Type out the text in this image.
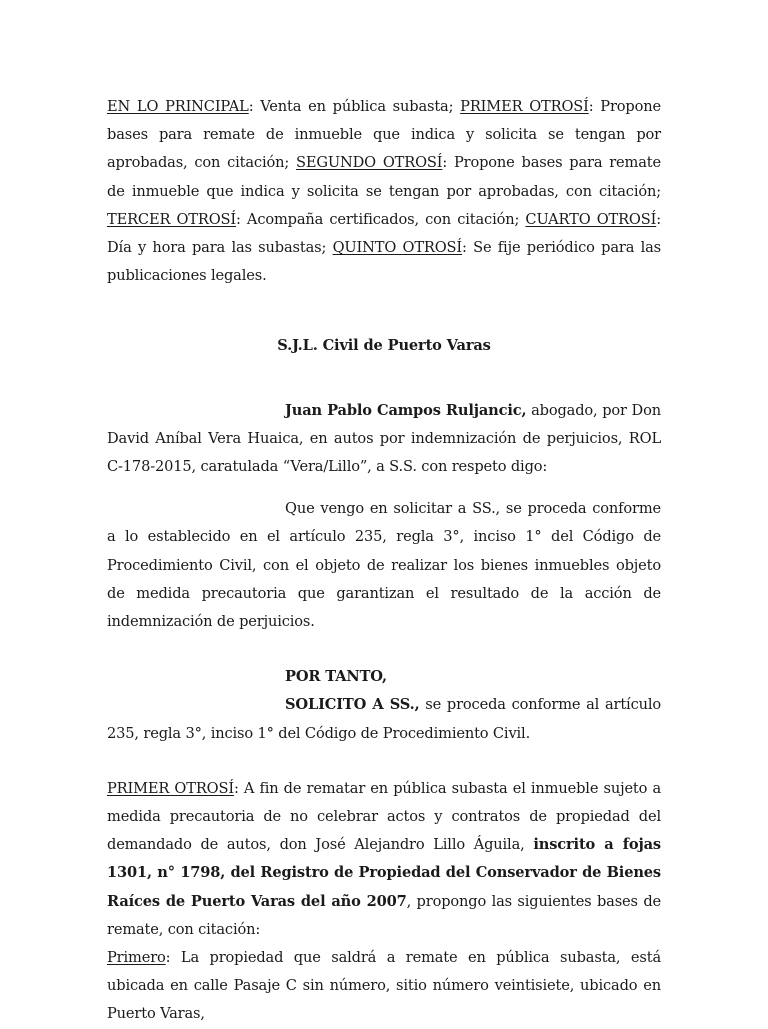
EN LO PRINCIPAL: Venta en pública subasta; PRIMER OTROSÍ: Propone bases para remate de inmueble que indica y solicita se tengan por aprobadas, con citación; SEGUNDO OTROSÍ: Propone bases para remate de inmueble que indica y solicita se tengan por aprobadas, con citación; TERCER OTROSÍ: Acompaña certificados, con citación; CUARTO OTROSÍ: Día y hora para las subastas; QUINTO OTROSÍ: Se fije periódico para las publicaciones legales.

S.J.L. Civil de Puerto Varas

Juan Pablo Campos Ruljancic, abogado, por Don David Aníbal Vera Huaica, en autos por indemnización de perjuicios, ROL C-178-2015, caratulada “Vera/Lillo”, a S.S. con respeto digo:

Que vengo en solicitar a SS., se proceda conforme a lo establecido en el artículo 235, regla 3°, inciso 1° del Código de Procedimiento Civil, con el objeto de realizar los bienes inmuebles objeto de medida precautoria que garantizan el resultado de la acción de indemnización de perjuicios.

POR TANTO,

SOLICITO A SS., se proceda conforme al artículo 235, regla 3°, inciso 1° del Código de Procedimiento Civil.

PRIMER OTROSÍ: A fin de rematar en pública subasta el inmueble sujeto a medida precautoria de no celebrar actos y contratos de propiedad del demandado de autos, don José Alejandro Lillo Águila, inscrito a fojas 1301, n° 1798, del Registro de Propiedad del Conservador de Bienes Raíces de Puerto Varas del año 2007, propongo las siguientes bases de remate, con citación:

Primero: La propiedad que saldrá a remate en pública subasta, está ubicada en calle Pasaje C sin número, sitio número veintisiete, ubicado en Puerto Varas,
